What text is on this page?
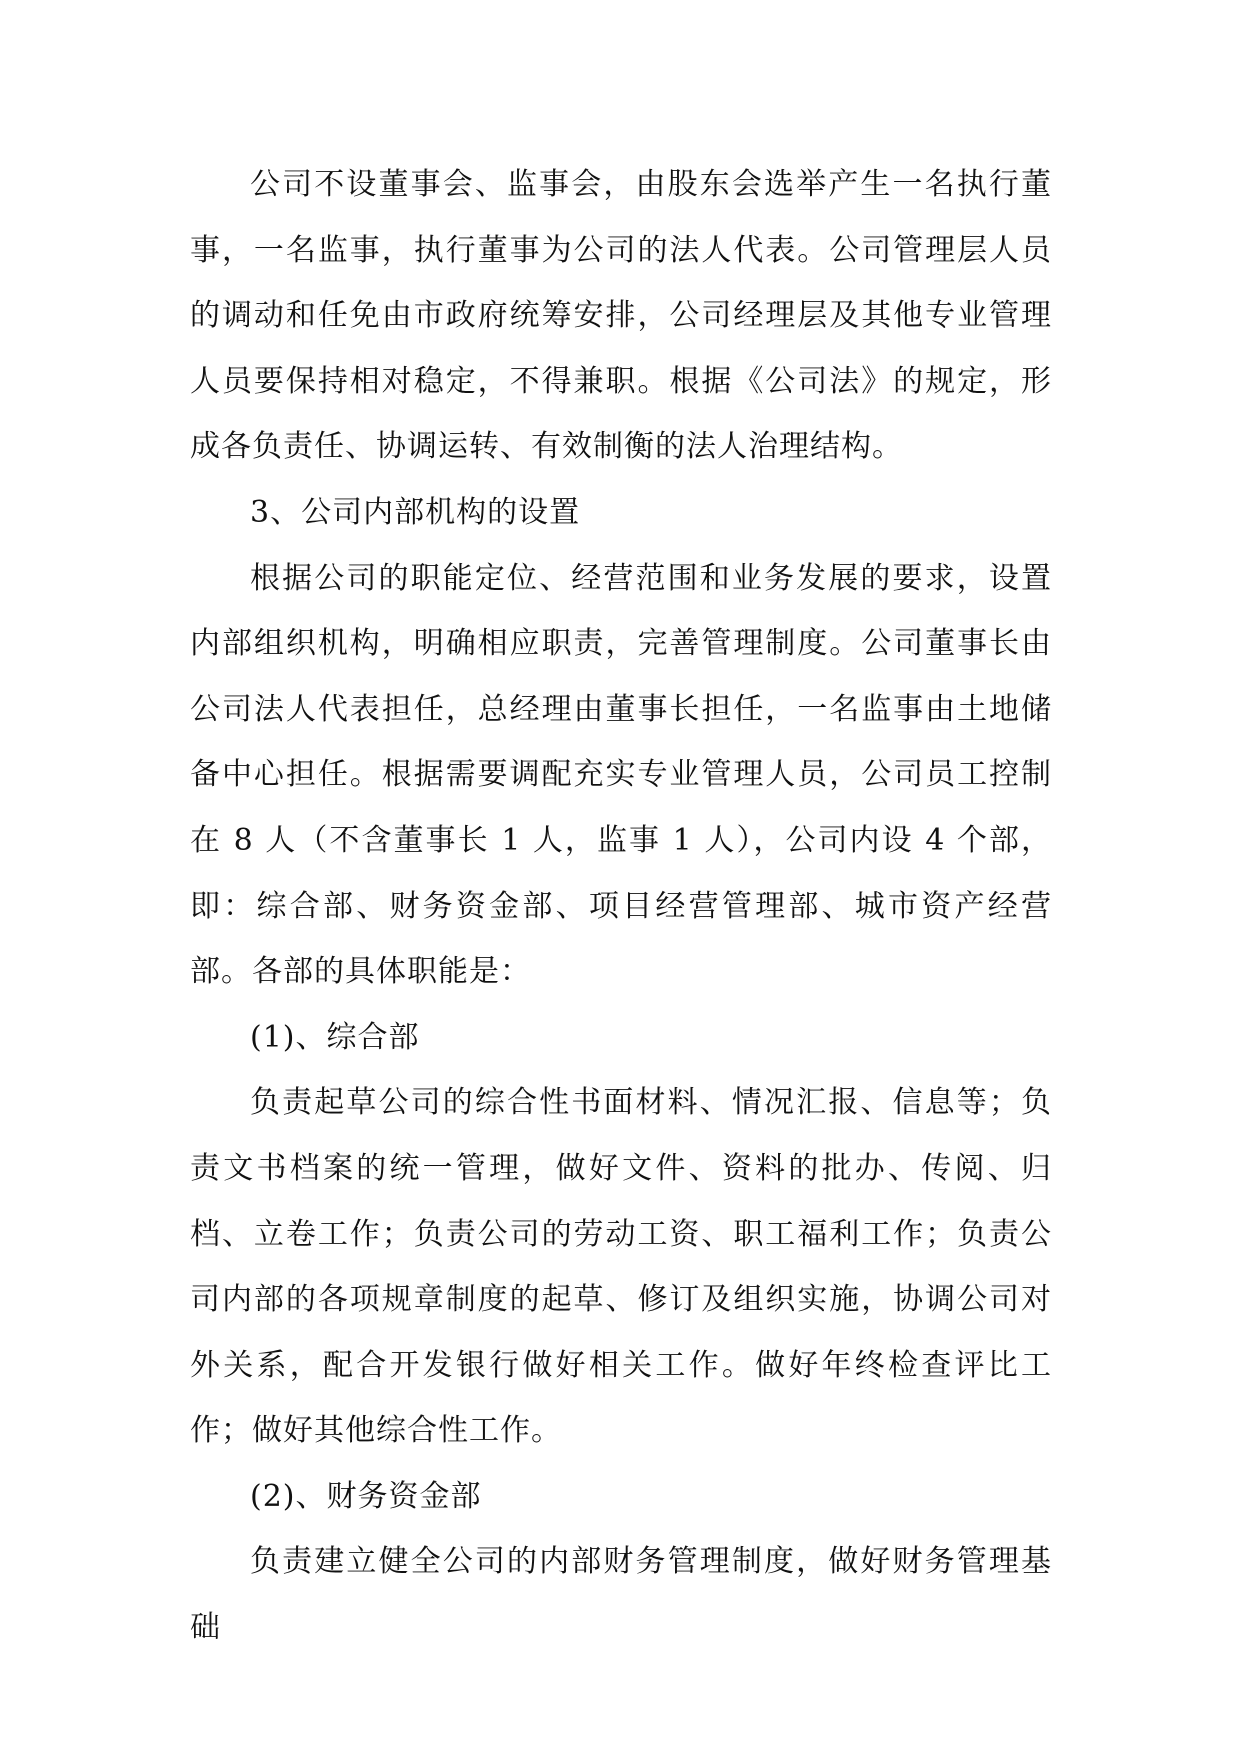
公司不设董事会、监事会，由股东会选举产生一名执行董事，一名监事，执行董事为公司的法人代表。公司管理层人员的调动和任免由市政府统筹安排，公司经理层及其他专业管理人员要保持相对稳定，不得兼职。根据《公司法》的规定，形成各负责任、协调运转、有效制衡的法人治理结构。

3、公司内部机构的设置

根据公司的职能定位、经营范围和业务发展的要求，设置内部组织机构，明确相应职责，完善管理制度。公司董事长由公司法人代表担任，总经理由董事长担任，一名监事由土地储备中心担任。根据需要调配充实专业管理人员，公司员工控制在 8 人（不含董事长 1 人，监事 1 人），公司内设 4 个部，即：综合部、财务资金部、项目经营管理部、城市资产经营部。各部的具体职能是：

(1)、综合部

负责起草公司的综合性书面材料、情况汇报、信息等；负责文书档案的统一管理，做好文件、资料的批办、传阅、归档、立卷工作；负责公司的劳动工资、职工福利工作；负责公司内部的各项规章制度的起草、修订及组织实施，协调公司对外关系，配合开发银行做好相关工作。做好年终检查评比工作；做好其他综合性工作。

(2)、财务资金部

负责建立健全公司的内部财务管理制度，做好财务管理基础
